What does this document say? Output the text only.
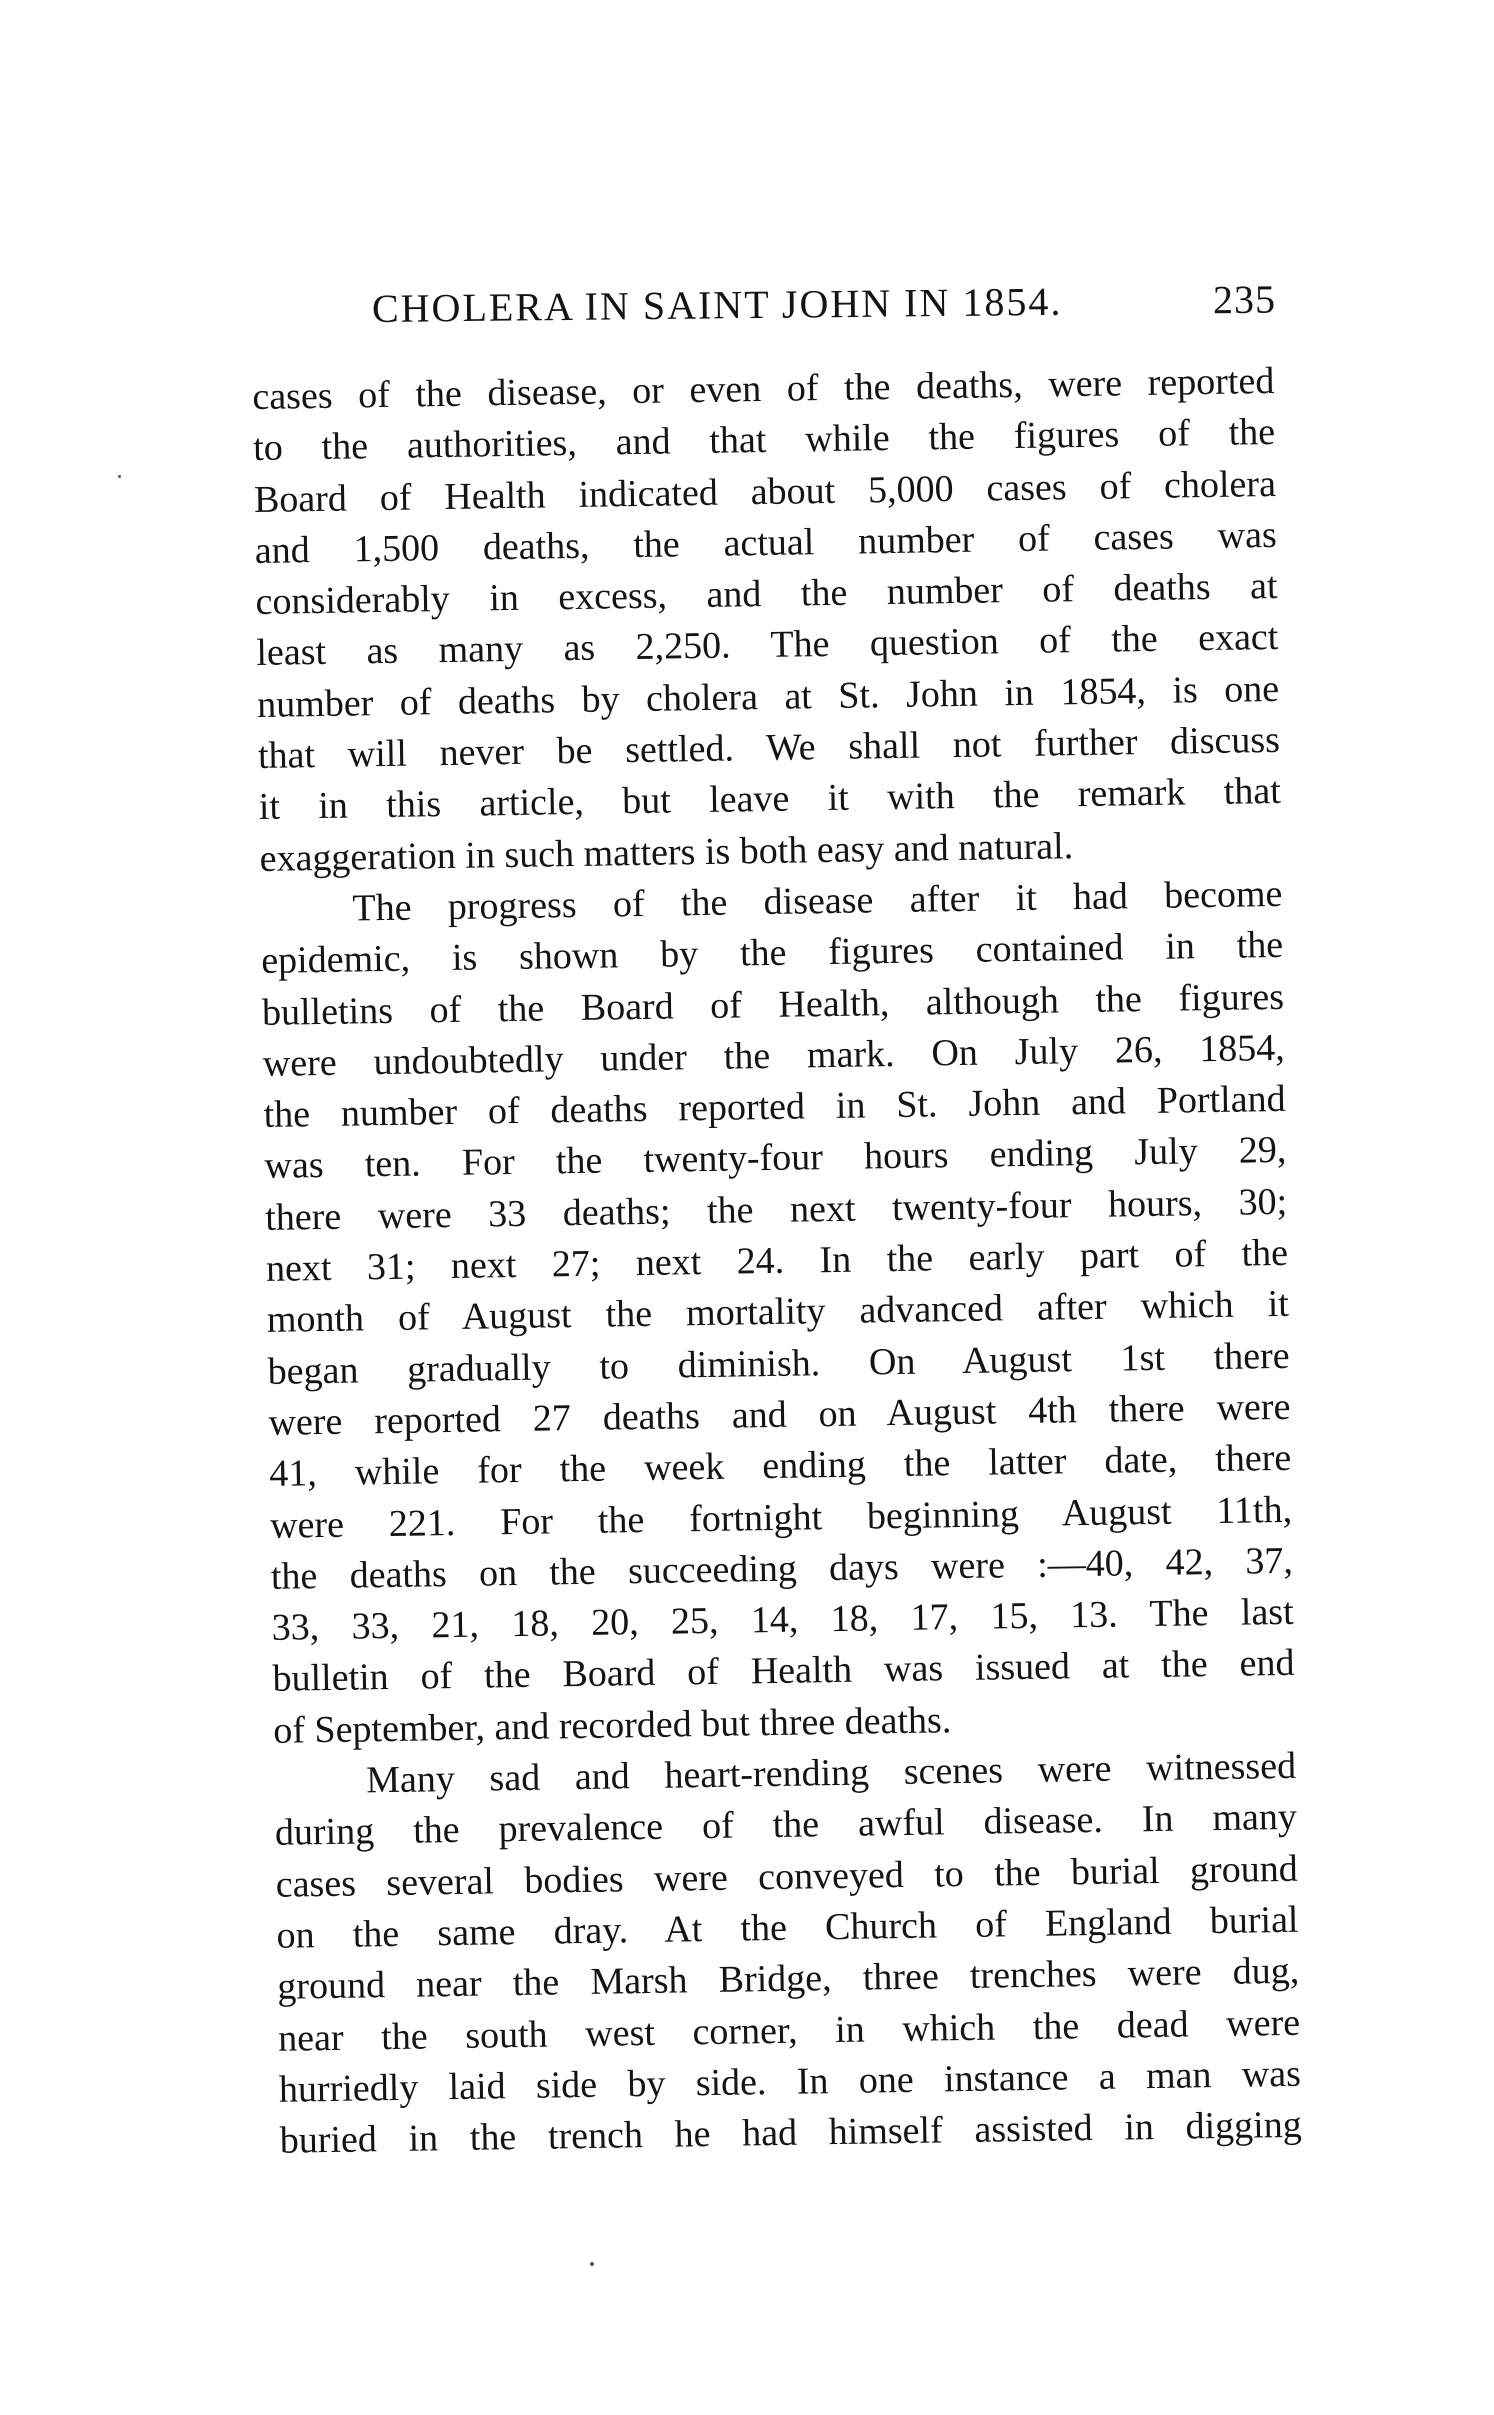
CHOLERA IN SAINT JOHN IN 1854.	235
cases of the disease, or even of the deaths, were reported
to the authorities, and that while the figures of the
Board of Health indicated about 5,000 cases of cholera
and 1,500 deaths, the actual number of cases was
considerably in excess, and the number of deaths at
least as many as 2,250. The question of the exact
number of deaths by cholera at St. John in 1854, is one
that will never be settled. We shall not further discuss
it in this article, but leave it with the remark that
exaggeration in such matters is both easy and natural.
The progress of the disease after it had become
epidemic, is shown by the figures contained in the
bulletins of the Board of Health, although the figures
were undoubtedly under the mark. On July 26, 1854,
the number of deaths reported in St. John and Portland
was ten. For the twenty-four hours ending July 29,
there were 33 deaths; the next twenty-four hours, 30;
next 31; next 27; next 24. In the early part of the
month of August the mortality advanced after which it
began gradually to diminish. On August 1st there
were reported 27 deaths and on August 4th there were
41, while for the week ending the latter date, there
were 221. For the fortnight beginning August 11th,
the deaths on the succeeding days were :—40, 42, 37,
33, 33, 21, 18, 20, 25, 14, 18, 17, 15, 13. The last
bulletin of the Board of Health was issued at the end
of September, and recorded but three deaths.
Many sad and heart-rending scenes were witnessed
during the prevalence of the awful disease. In many
cases several bodies were conveyed to the burial ground
on the same dray. At the Church of England burial
ground near the Marsh Bridge, three trenches were dug,
near the south west corner, in which the dead were
hurriedly laid side by side. In one instance a man was
buried in the trench he had himself assisted in digging
